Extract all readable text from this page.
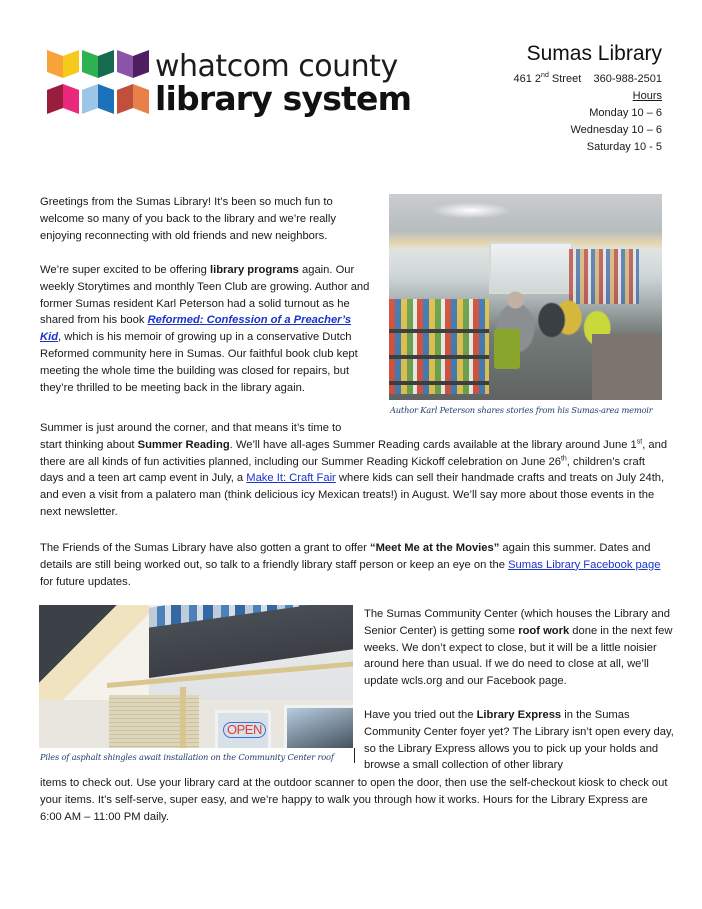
whatcom county
library system
Sumas Library
461 2nd Street 360-988-2501
Hours
Monday 10 – 6
Wednesday 10 – 6
Saturday 10 - 5

Greetings from the Sumas Library! It’s been so much fun to welcome so many of you back to the library and we’re really enjoying reconnecting with old friends and new neighbors.

We’re super excited to be offering library programs again. Our weekly Storytimes and monthly Teen Club are growing. Author and former Sumas resident Karl Peterson had a solid turnout as he shared from his book Reformed: Confession of a Preacher’s Kid, which is his memoir of growing up in a conservative Dutch Reformed community here in Sumas. Our faithful book club kept meeting the whole time the building was closed for repairs, but they’re thrilled to be meeting back in the library again.

Author Karl Peterson shares stories from his Sumas-area memoir

Summer is just around the corner, and that means it’s time to
start thinking about Summer Reading. We’ll have all-ages Summer Reading cards available at the library around June 1st, and there are all kinds of fun activities planned, including our Summer Reading Kickoff celebration on June 26th, children’s craft days and a teen art camp event in July, a Make It: Craft Fair where kids can sell their handmade crafts and treats on July 24th, and even a visit from a palatero man (think delicious icy Mexican treats!) in August. We’ll say more about those events in the next newsletter.

The Friends of the Sumas Library have also gotten a grant to offer “Meet Me at the Movies” again this summer. Dates and details are still being worked out, so talk to a friendly library staff person or keep an eye on the Sumas Library Facebook page for future updates.

OPEN
Piles of asphalt shingles await installation on the Community Center roof

The Sumas Community Center (which houses the Library and Senior Center) is getting some roof work done in the next few weeks. We don’t expect to close, but it will be a little noisier around here than usual. If we do need to close at all, we’ll update wcls.org and our Facebook page.

Have you tried out the Library Express in the Sumas Community Center foyer yet? The Library isn’t open every day, so the Library Express allows you to pick up your holds and browse a small collection of other library

items to check out. Use your library card at the outdoor scanner to open the door, then use the self-checkout kiosk to check out your items. It’s self-serve, super easy, and we’re happy to walk you through how it works. Hours for the Library Express are 6:00 AM – 11:00 PM daily.
